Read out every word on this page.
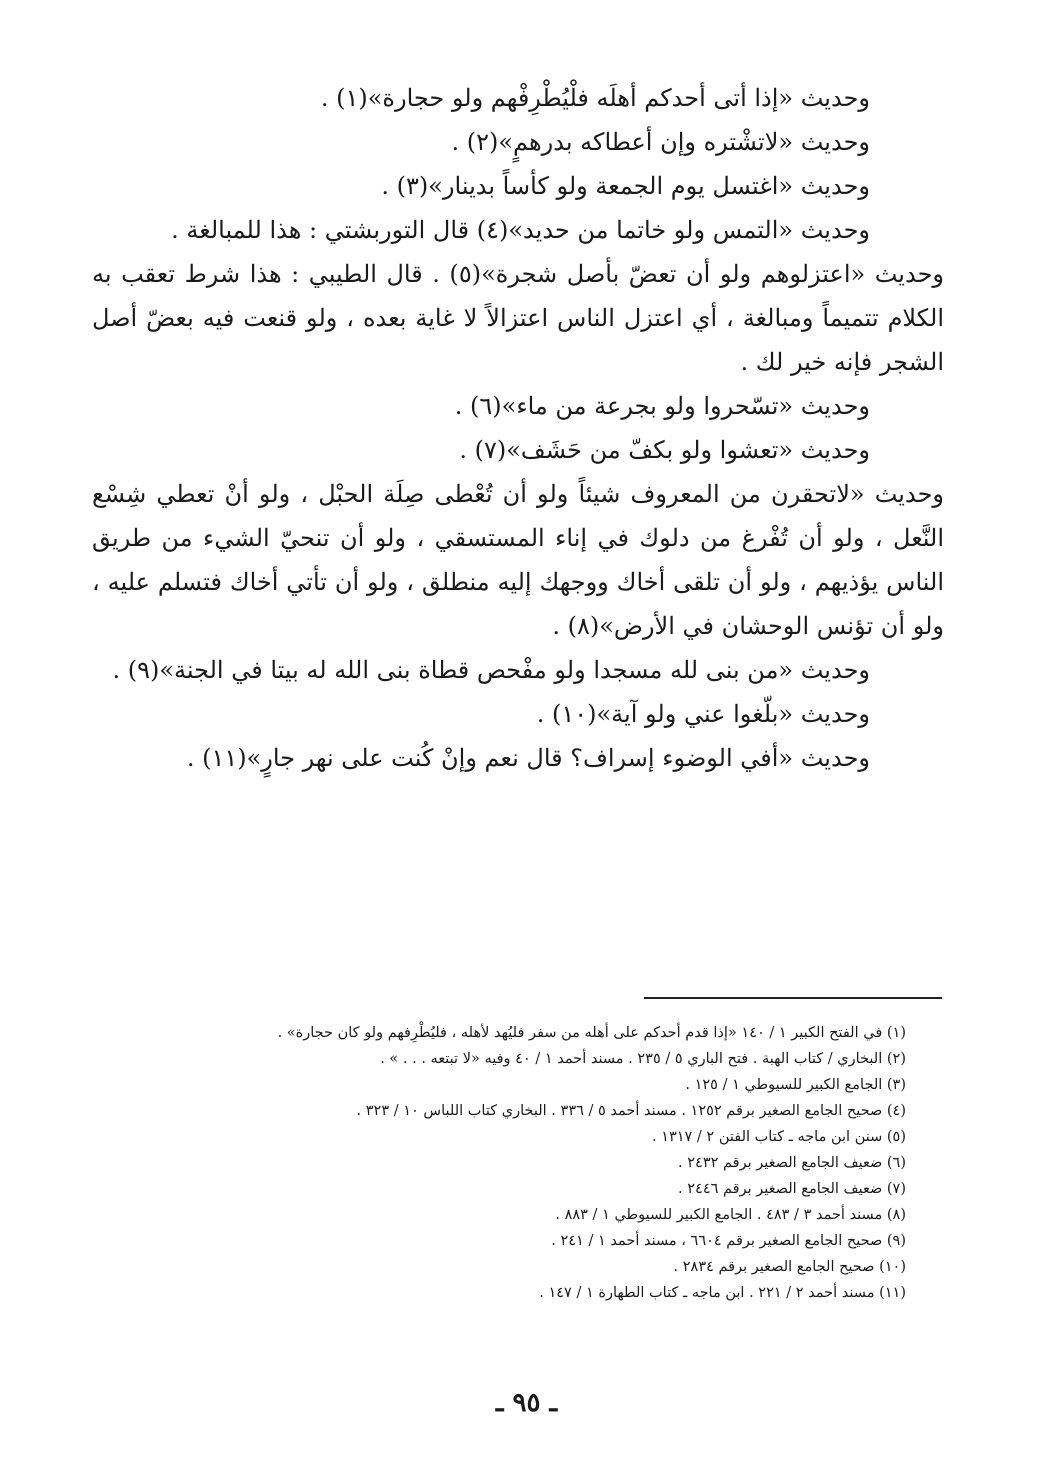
وحديث «إذا أتى أحدكم أهلَه فلْيُطْرِفْهم ولو حجارة»(١) .

وحديث «لاتشْتره وإن أعطاكه بدرهمٍ»(٢) .

وحديث «اغتسل يوم الجمعة ولو كأساً بدينار»(٣) .

وحديث «التمس ولو خاتما من حديد»(٤) قال التوربشتي : هذا للمبالغة .

وحديث «اعتزلوهم ولو أن تعضّ بأصل شجرة»(٥) . قال الطيبي : هذا شرط تعقب به الكلام تتميماً ومبالغة ، أي اعتزل الناس اعتزالاً لا غاية بعده ، ولو قنعت فيه بعضّ أصل الشجر فإنه خير لك .

وحديث «تسّحروا ولو بجرعة من ماء»(٦) .

وحديث «تعشوا ولو بكفّ من حَشَف»(٧) .

وحديث «لاتحقرن من المعروف شيئاً ولو أن تُعْطى صِلَة الحبْل ، ولو أنْ تعطي شِسْع النَّعل ، ولو أن تُفْرغ من دلوك في إناء المستسقي ، ولو أن تنحيّ الشيء من طريق الناس يؤذيهم ، ولو أن تلقى أخاك ووجهك إليه منطلق ، ولو أن تأتي أخاك فتسلم عليه ، ولو أن تؤنس الوحشان في الأرض»(٨) .

وحديث «من بنى لله مسجدا ولو مفْحص قطاة بنى الله له بيتا في الجنة»(٩) .

وحديث «بلّغوا عني ولو آية»(١٠) .

وحديث «أفي الوضوء إسراف؟ قال نعم وإنْ كُنت على نهر جارٍ»(١١) .

(١) في الفتح الكبير ١ / ١٤٠ «إذا قدم أحدكم على أهله من سفر فليُهد لأهله ، فليُطْرِفهم ولو كان حجارة» .
(٢) البخاري / كتاب الهبة . فتح الباري ٥ / ٢٣٥ . مسند أحمد ١ / ٤٠ وفيه «لا تبتعه . . . » .
(٣) الجامع الكبير للسيوطي ١ / ١٢٥ .
(٤) صحيح الجامع الصغير برقم ١٢٥٢ . مسند أحمد ٥ / ٣٣٦ . البخاري كتاب اللباس ١٠ / ٣٢٣ .
(٥) سنن ابن ماجه ـ كتاب الفتن ٢ / ١٣١٧ .
(٦) ضعيف الجامع الصغير برقم ٢٤٣٢ .
(٧) ضعيف الجامع الصغير برقم ٢٤٤٦ .
(٨) مسند أحمد ٣ / ٤٨٣ . الجامع الكبير للسيوطي ١ / ٨٨٣ .
(٩) صحيح الجامع الصغير برقم ٦٦٠٤ ، مسند أحمد ١ / ٢٤١ .
(١٠) صحيح الجامع الصغير برقم ٢٨٣٤ .
(١١) مسند أحمد ٢ / ٢٢١ . ابن ماجه ـ كتاب الطهارة ١ / ١٤٧ .
ـ ٩٥ ـ
